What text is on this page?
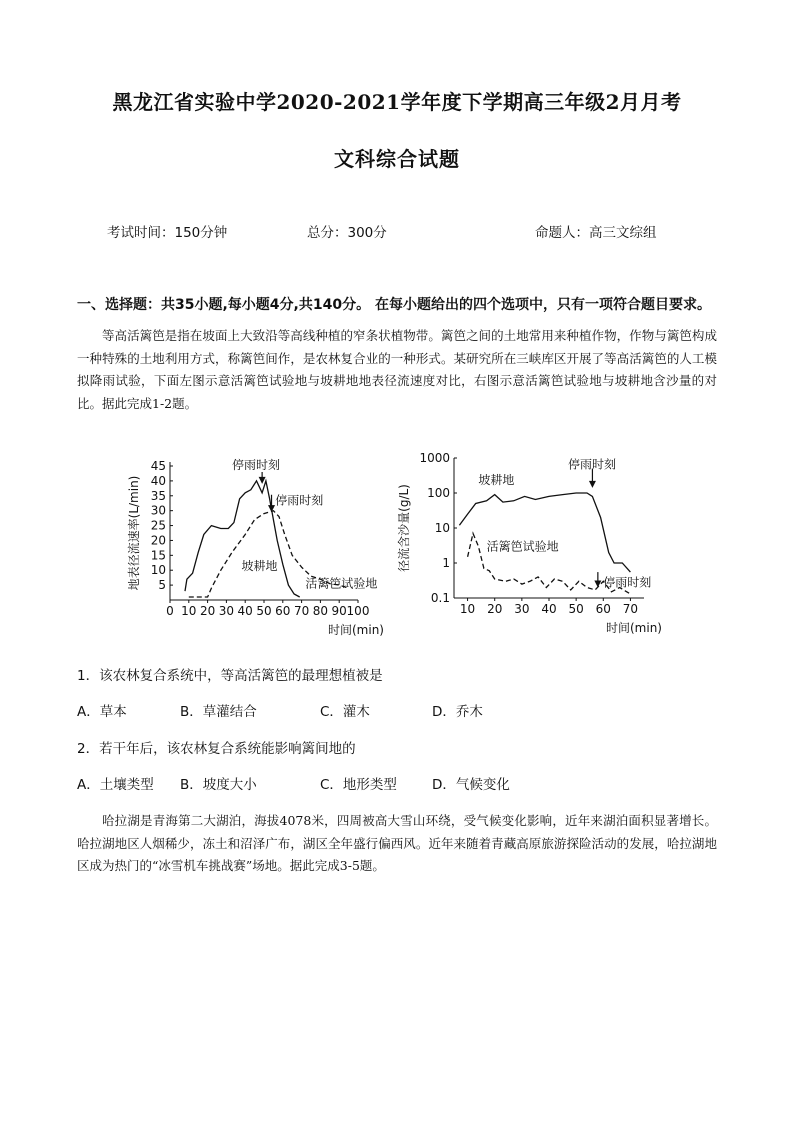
黑龙江省实验中学2020-2021学年度下学期高三年级2月月考
文科综合试题
考试时间：150分钟	总分：300分	命题人：高三文综组
一、选择题：共35小题,每小题4分,共140分。 在每小题给出的四个选项中，只有一项符合题目要求。
等高活篱笆是指在坡面上大致沿等高线种植的窄条状植物带。篱笆之间的土地常用来种植作物，作物与篱笆构成一种特殊的土地利用方式，称篱笆间作，是农林复合业的一种形式。某研究所在三峡库区开展了等高活篱笆的人工模拟降雨试验，下面左图示意活篱笆试验地与坡耕地地表径流速度对比，右图示意活篱笆试验地与坡耕地含沙量的对比。据此完成1-2题。
0 10 20 30 40 50 60 70 80 90 100
5
10
15
20
25
30
35
40
45
时间(min)
地表径流速率(L/min)	坡耕地
活篱笆试验地
停雨时刻
停雨时刻
10 20 30 40 50 60 70
0.1
1
10
100
1000
时间(min)
径流含沙量(g/L)
坡耕地
活篱笆试验地
停雨时刻
停雨时刻
1．该农林复合系统中，等高活篱笆的最理想植被是
A．草本	B．草灌结合	C．灌木	D．乔木
2．若干年后，该农林复合系统能影响篱间地的
A．土壤类型 B．坡度大小	C．地形类型	D．气候变化
哈拉湖是青海第二大湖泊，海拔4078米，四周被高大雪山环绕，受气候变化影响，近年来湖泊面积显著增长。哈拉湖地区人烟稀少，冻土和沼泽广布，湖区全年盛行偏西风。近年来随着青藏高原旅游探险活动的发展，哈拉湖地区成为热门的“冰雪机车挑战赛”场地。据此完成3-5题。
